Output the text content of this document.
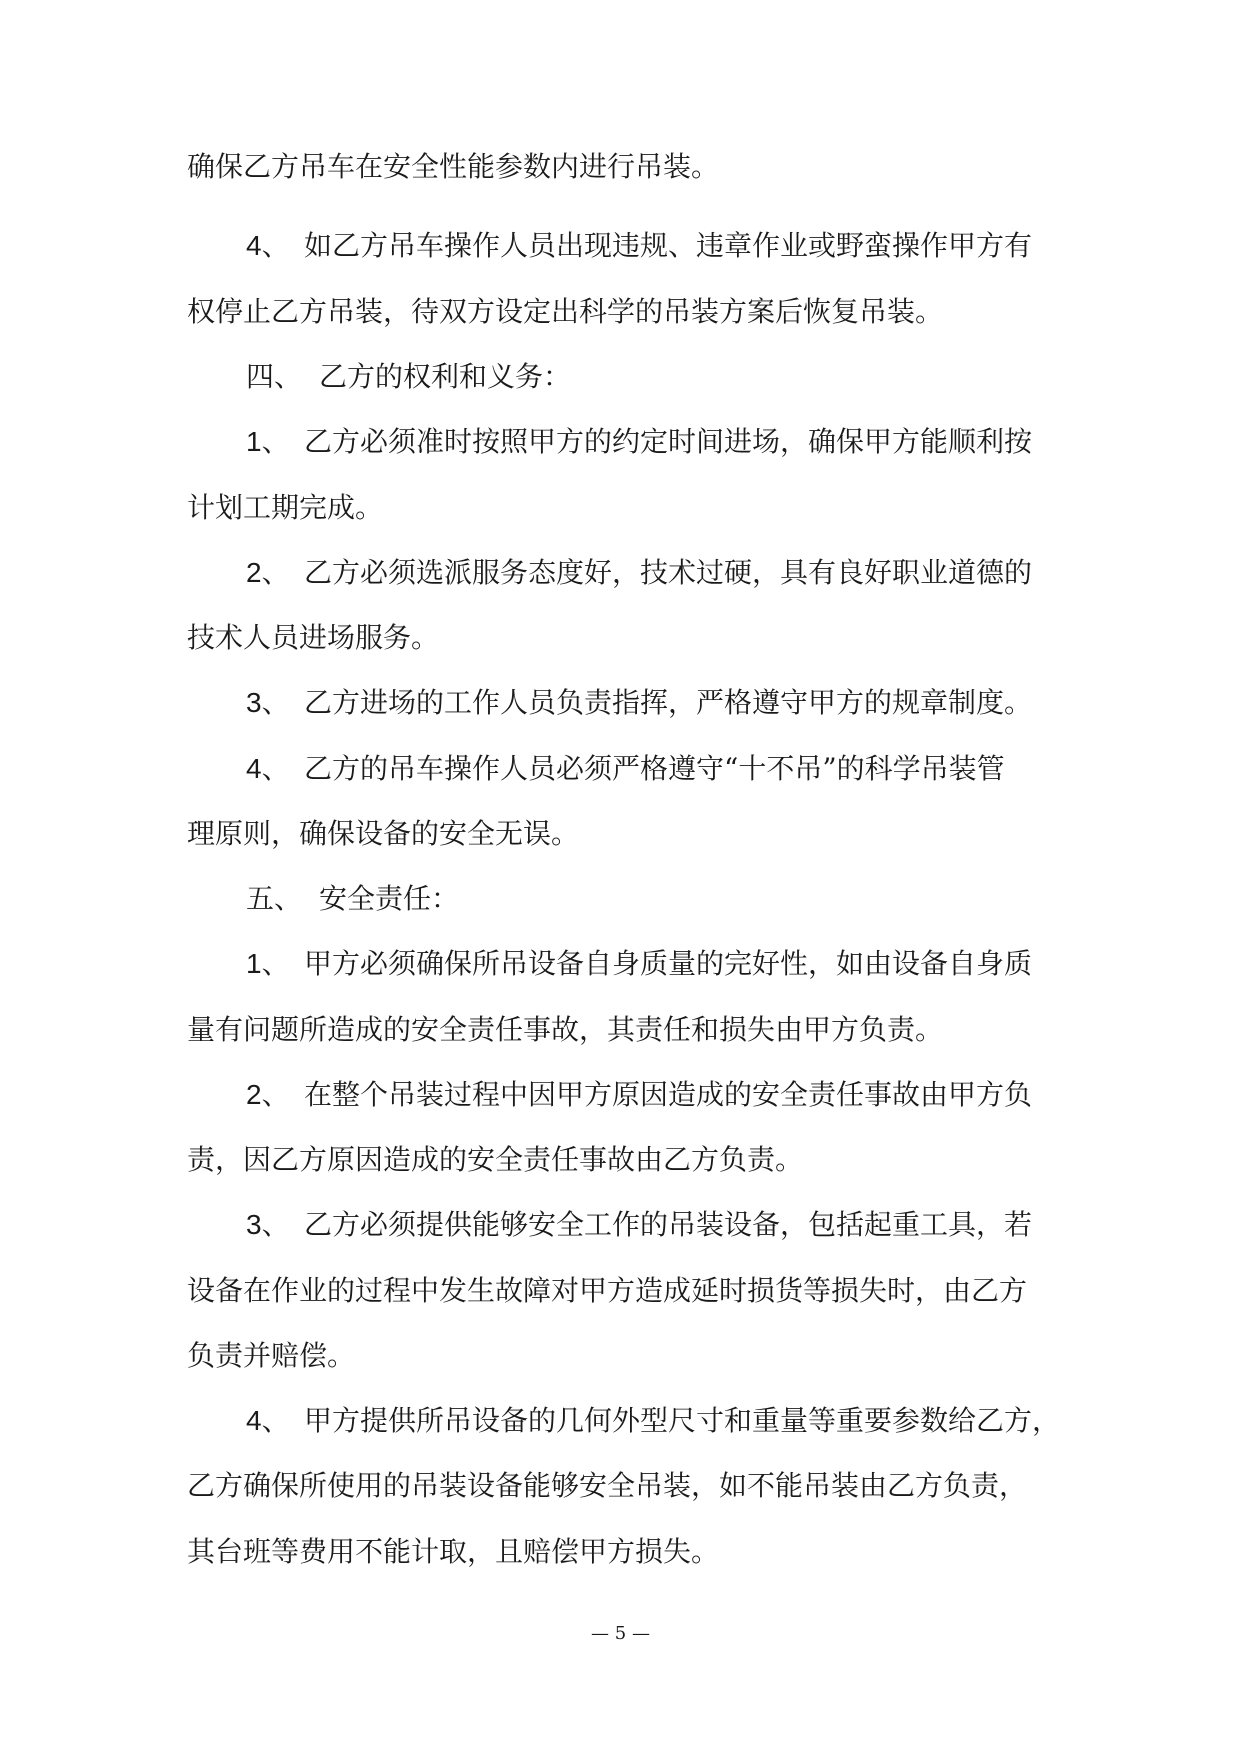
确保乙方吊车在安全性能参数内进行吊装。
4、 如乙方吊车操作人员出现违规、违章作业或野蛮操作甲方有
权停止乙方吊装，待双方设定出科学的吊装方案后恢复吊装。
四、 乙方的权利和义务：
1、 乙方必须准时按照甲方的约定时间进场，确保甲方能顺利按
计划工期完成。
2、 乙方必须选派服务态度好，技术过硬，具有良好职业道德的
技术人员进场服务。
3、 乙方进场的工作人员负责指挥，严格遵守甲方的规章制度。
4、 乙方的吊车操作人员必须严格遵守“十不吊”的科学吊装管
理原则，确保设备的安全无误。
五、 安全责任：
1、 甲方必须确保所吊设备自身质量的完好性，如由设备自身质
量有问题所造成的安全责任事故，其责任和损失由甲方负责。
2、 在整个吊装过程中因甲方原因造成的安全责任事故由甲方负
责，因乙方原因造成的安全责任事故由乙方负责。
3、 乙方必须提供能够安全工作的吊装设备，包括起重工具，若
设备在作业的过程中发生故障对甲方造成延时损货等损失时，由乙方
负责并赔偿。
4、 甲方提供所吊设备的几何外型尺寸和重量等重要参数给乙方，
乙方确保所使用的吊装设备能够安全吊装，如不能吊装由乙方负责，
其台班等费用不能计取，且赔偿甲方损失。
— 5 —
